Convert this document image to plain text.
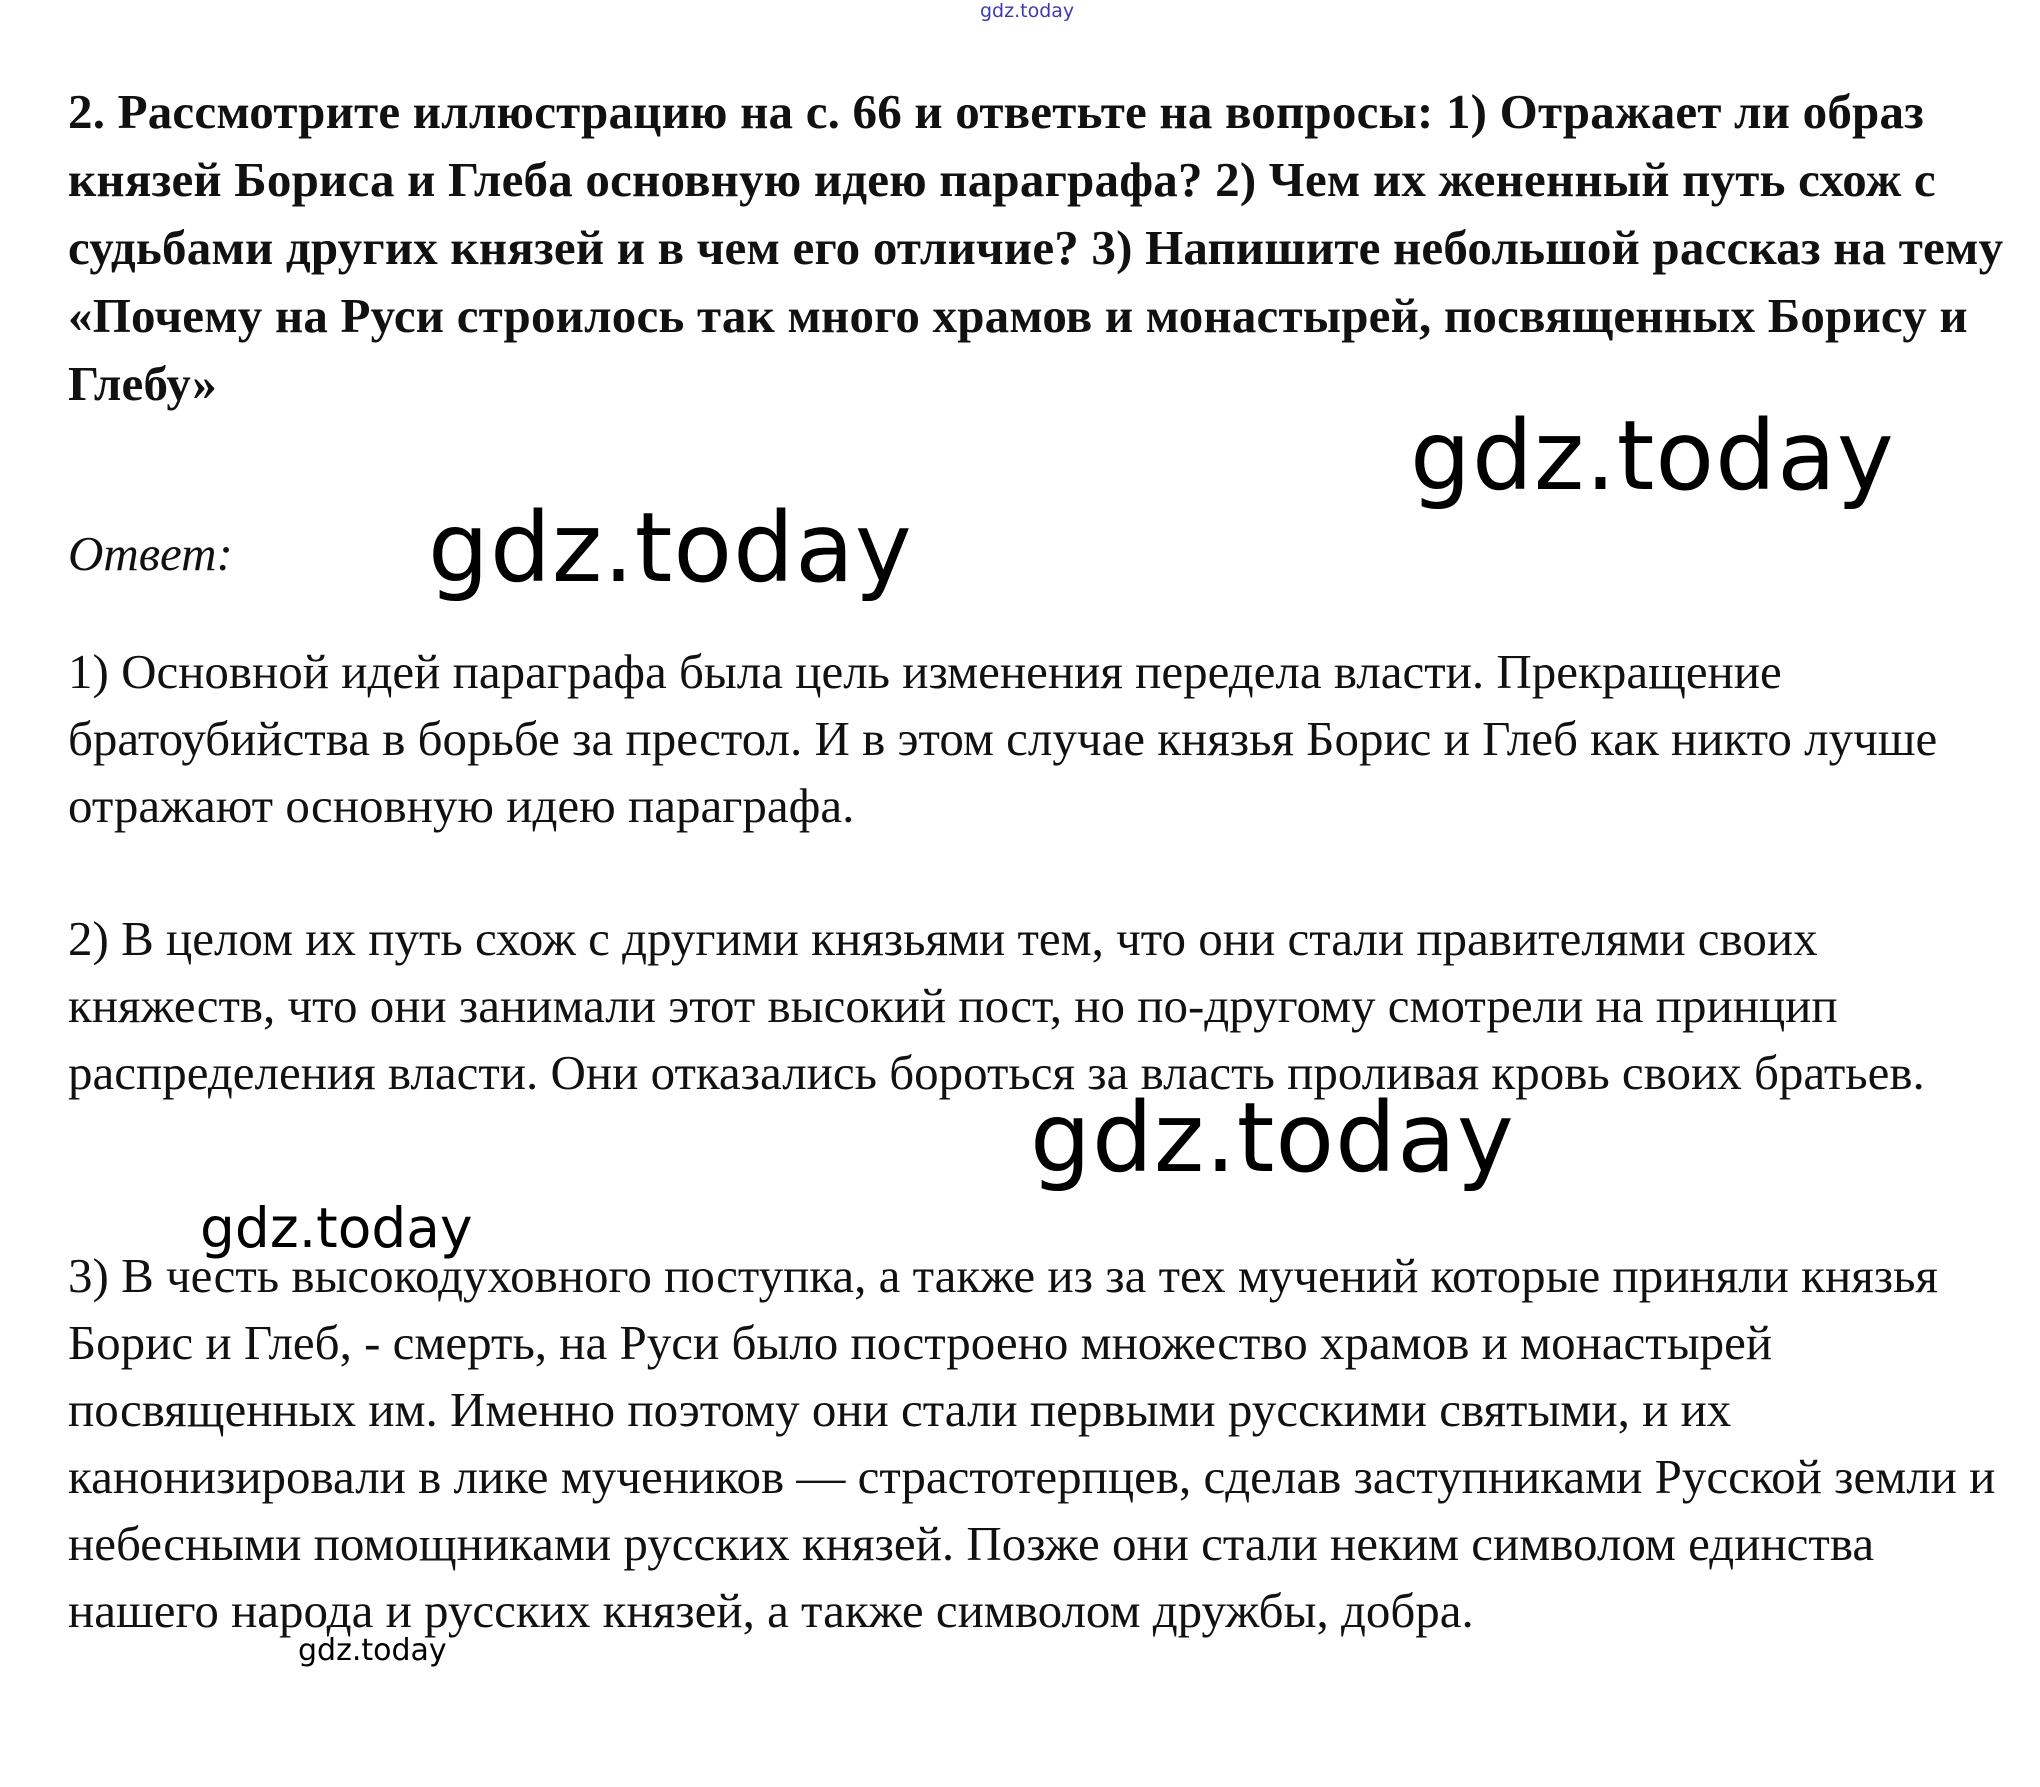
gdz.today
2. Рассмотрите иллюстрацию на с. 66 и ответьте на вопросы: 1) Отражает ли образ князей Бориса и Глеба основную идею параграфа? 2) Чем их жененный путь схож с судьбами других князей и в чем его отличие? 3) Напишите небольшой рассказ на тему «Почему на Руси строилось так много храмов и монастырей, посвященных Борису и Глебу»
gdz.today
Ответ: gdz.today
1) Основной идей параграфа была цель изменения передела власти. Прекращение братоубийства в борьбе за престол. И в этом случае князья Борис и Глеб как никто лучше отражают основную идею параграфа.
2) В целом их путь схож с другими князьями тем, что они стали правителями своих княжеств, что они занимали этот высокий пост, но по-другому смотрели на принцип распределения власти. Они отказались бороться за власть проливая кровь своих братьев.
gdz.today
gdz.today
3) В честь высокодуховного поступка, а также из за тех мучений которые приняли князья Борис и Глеб, - смерть, на Руси было построено множество храмов и монастырей посвященных им. Именно поэтому они стали первыми русскими святыми, и их канонизировали в лике мучеников — страстотерпцев, сделав заступниками Русской земли и небесными помощниками русских князей. Позже они стали неким символом единства нашего народа и русских князей, а также символом дружбы, добра.
gdz.today
